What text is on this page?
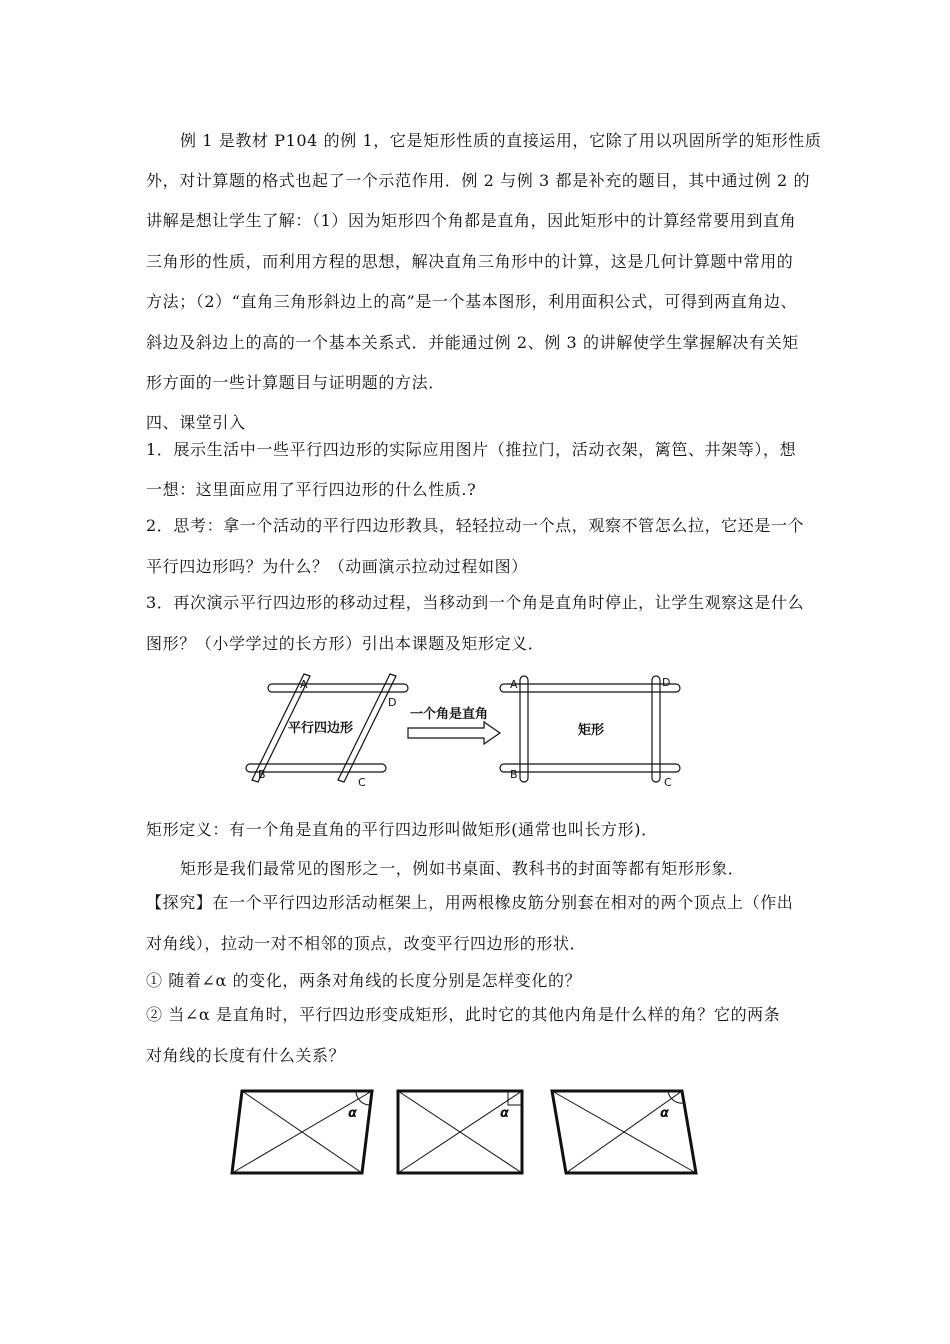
例 1 是教材 P104 的例 1，它是矩形性质的直接运用，它除了用以巩固所学的矩形性质
外，对计算题的格式也起了一个示范作用．例 2 与例 3 都是补充的题目，其中通过例 2 的
讲解是想让学生了解：（1）因为矩形四个角都是直角，因此矩形中的计算经常要用到直角
三角形的性质，而利用方程的思想，解决直角三角形中的计算，这是几何计算题中常用的
方法；（2）“直角三角形斜边上的高”是一个基本图形，利用面积公式，可得到两直角边、
斜边及斜边上的高的一个基本关系式．并能通过例 2、例 3 的讲解使学生掌握解决有关矩
形方面的一些计算题目与证明题的方法．
四、课堂引入
1．展示生活中一些平行四边形的实际应用图片（推拉门，活动衣架，篱笆、井架等），想
一想：这里面应用了平行四边形的什么性质.?
2．思考：拿一个活动的平行四边形教具，轻轻拉动一个点，观察不管怎么拉，它还是一个
平行四边形吗？为什么？（动画演示拉动过程如图）
3．再次演示平行四边形的移动过程，当移动到一个角是直角时停止，让学生观察这是什么
图形？（小学学过的长方形）引出本课题及矩形定义．
A
D
B
C
A	D
B
C
平行四边形
一个角是直角
矩形
矩形定义：有一个角是直角的平行四边形叫做矩形(通常也叫长方形)．
矩形是我们最常见的图形之一，例如书桌面、教科书的封面等都有矩形形象．
【探究】在一个平行四边形活动框架上，用两根橡皮筋分别套在相对的两个顶点上（作出
对角线），拉动一对不相邻的顶点，改变平行四边形的形状．
① 随着∠α 的变化，两条对角线的长度分别是怎样变化的？
② 当∠α 是直角时，平行四边形变成矩形，此时它的其他内角是什么样的角？它的两条
对角线的长度有什么关系？
α	α	α
